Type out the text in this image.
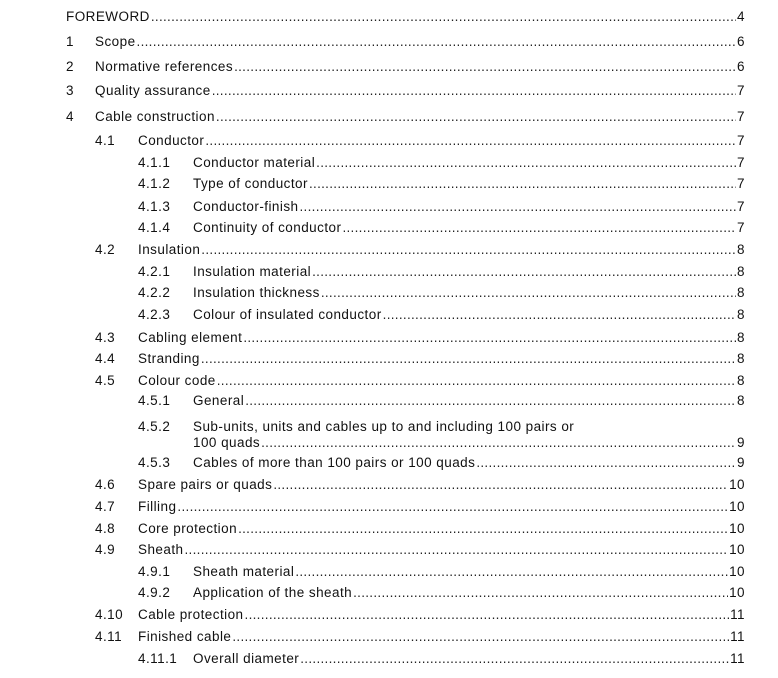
FOREWORD .....	4
1 Scope .....	6
2 Normative references .....	6
3 Quality assurance .....	7
4 Cable construction .....	7
4.1 Conductor .....	7
4.1.1 Conductor material .....	7
4.1.2 Type of conductor .....	7
4.1.3 Conductor-finish .....	7
4.1.4 Continuity of conductor .....	7
4.2 Insulation .....	8
4.2.1 Insulation material .....	8
4.2.2 Insulation thickness .....	8
4.2.3 Colour of insulated conductor .....	8
4.3 Cabling element .....	8
4.4 Stranding .....	8
4.5 Colour code .....	8
4.5.1 General .....	8
4.5.2 Sub-units, units and cables up to and including 100 pairs or
100 quads .....	9
4.5.3 Cables of more than 100 pairs or 100 quads .....	9
4.6 Spare pairs or quads .....	10
4.7 Filling .....	10
4.8 Core protection .....	10
4.9 Sheath .....	10
4.9.1 Sheath material .....	10
4.9.2 Application of the sheath .....	10
4.10 Cable protection .....	11
4.11 Finished cable .....	11
4.11.1 Overall diameter .....	11
